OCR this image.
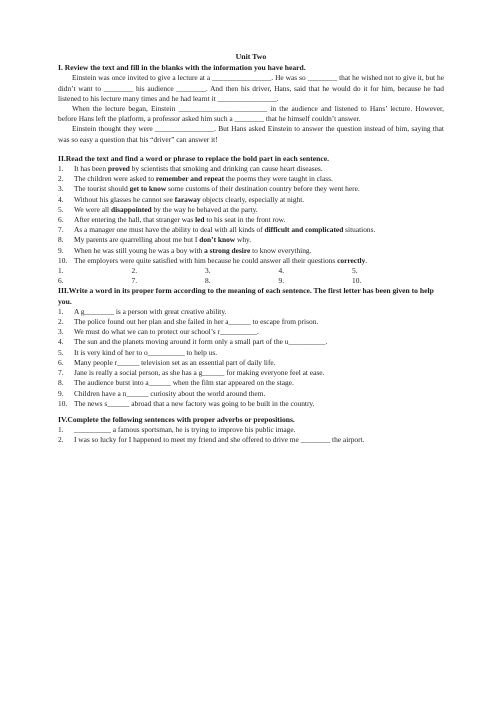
Unit Two
I. Review the text and fill in the blanks with the information you have heard.
Einstein was once invited to give a lecture at a ________________. He was so ________ that he wished not to give it, but he didn’t want to ________ his audience ________. And then his driver, Hans, said that he would do it for him, because he had listened to his lecture many times and he had learnt it ________________.
When the lecture began, Einstein ________________________ in the audience and listened to Hans’ lecture. However, before Hans left the platform, a professor asked him such a ________ that he himself couldn’t answer.
Einstein thought they were ________________. But Hans asked Einstein to answer the question instead of him, saying that was so easy a question that his “driver” can answer it!
II.Read the text and find a word or phrase to replace the bold part in each sentence.
1.	It has been proved by scientists that smoking and drinking can cause heart diseases.
2.	The children were asked to remember and repeat the poems they were taught in class.
3.	The tourist should get to know some customs of their destination country before they went here.
4.	Without his glasses he cannot see faraway objects clearly, especially at night.
5.	We were all disappointed by the way he behaved at the party.
6.	After entering the hall, that stranger was led to his seat in the front row.
7.	As a manager one must have the ability to deal with all kinds of difficult and complicated situations.
8.	My parents are quarrelling about me but I don’t know why.
9.	When he was still young he was a boy with a strong desire to know everything.
10. The employers were quite satisfied with him because he could answer all their questions correctly.
1.	2.	3.	4.	5.
6.	7.	8.	9.	10.
III.Write a word in its proper form according to the meaning of each sentence. The first letter has been given to help you.
1.	A g________ is a person with great creative ability.
2.	The police found out her plan and she failed in her a______ to escape from prison.
3.	We must do what we can to protect our school’s r__________.
4.	The sun and the planets moving around it form only a small part of the u__________.
5.	It is very kind of her to o__________ to help us.
6.	Many people r______ television set as an essential part of daily life.
7.	Jane is really a social person, as she has a g______ for making everyone feel at ease.
8.	The audience burst into a______ when the film star appeared on the stage.
9.	Children have a n______ curiosity about the world around them.
10. The news s______ abroad that a new factory was going to be built in the country.
IV.Complete the following sentences with proper adverbs or prepositions.
1.	__________ a famous sportsman, he is trying to improve his public image.
2.	I was so lucky for I happened to meet my friend and she offered to drive me ________ the airport.
